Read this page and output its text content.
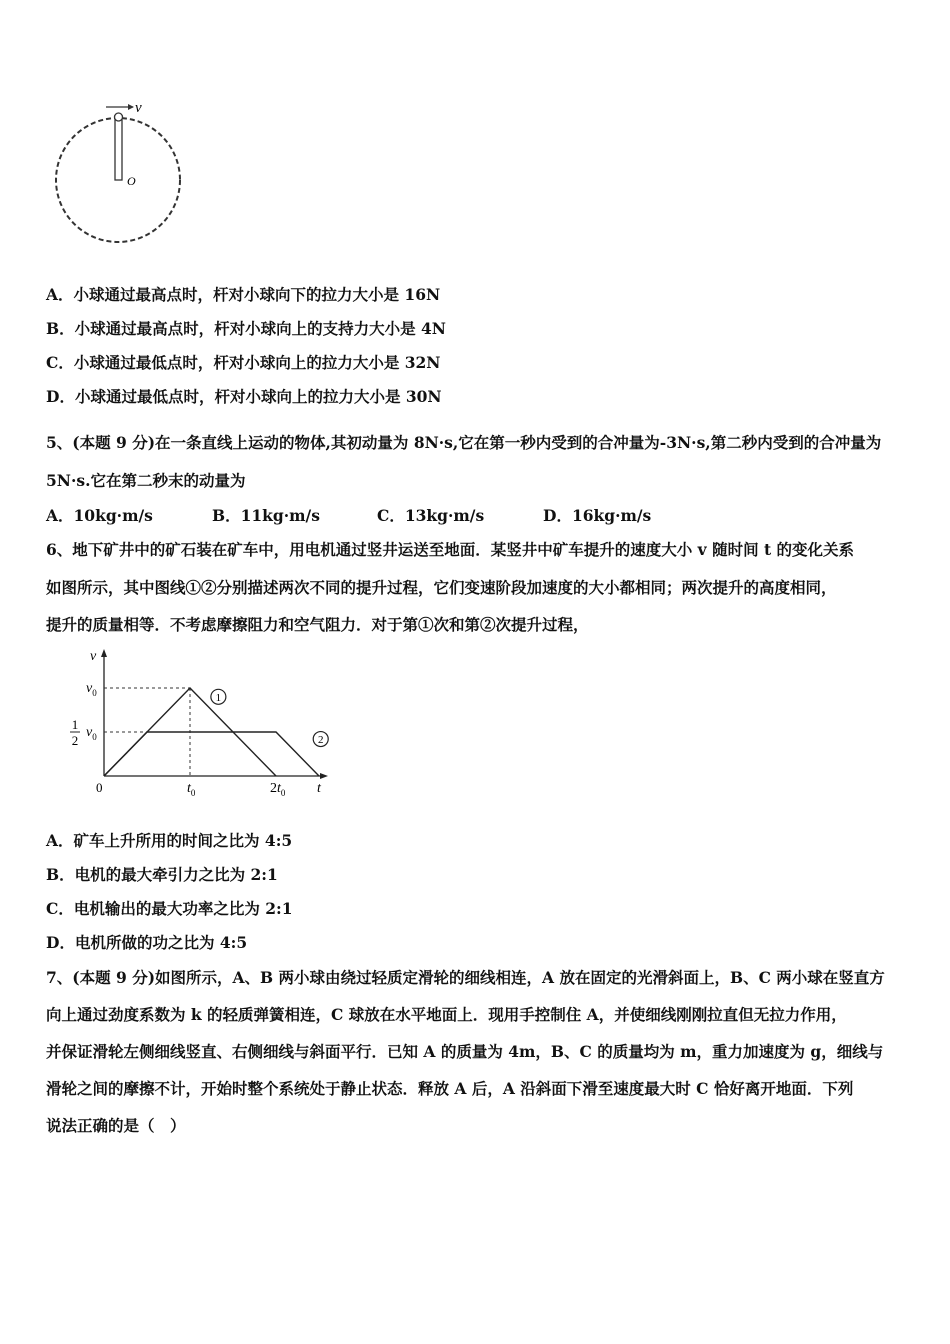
v
O
A．小球通过最高点时，杆对小球向下的拉力大小是 16N
B．小球通过最高点时，杆对小球向上的支持力大小是 4N
C．小球通过最低点时，杆对小球向上的拉力大小是 32N
D．小球通过最低点时，杆对小球向上的拉力大小是 30N
5、(本题 9 分)在一条直线上运动的物体,其初动量为 8N·s,它在第一秒内受到的合冲量为-3N·s,第二秒内受到的合冲量为
5N·s.它在第二秒末的动量为
A．10kg·m/s	B．11kg·m/s	C．13kg·m/s	D．16kg·m/s
6、地下矿井中的矿石装在矿车中，用电机通过竖井运送至地面．某竖井中矿车提升的速度大小 v 随时间 t 的变化关系
如图所示，其中图线①②分别描述两次不同的提升过程，它们变速阶段加速度的大小都相同；两次提升的高度相同，
提升的质量相等．不考虑摩擦阻力和空气阻力．对于第①次和第②次提升过程，
v
t
0
1
2
$t_0$	$2t_0$
$v_0$
1
2
$v_0$
A．矿车上升所用的时间之比为 4:5
B．电机的最大牵引力之比为 2:1
C．电机输出的最大功率之比为 2:1
D．电机所做的功之比为 4:5
7、(本题 9 分)如图所示，A、B 两小球由绕过轻质定滑轮的细线相连，A 放在固定的光滑斜面上，B、C 两小球在竖直方
向上通过劲度系数为 k 的轻质弹簧相连，C 球放在水平地面上．现用手控制住 A，并使细线刚刚拉直但无拉力作用，
并保证滑轮左侧细线竖直、右侧细线与斜面平行．已知 A 的质量为 4m，B、C 的质量均为 m，重力加速度为 g，细线与
滑轮之间的摩擦不计，开始时整个系统处于静止状态．释放 A 后，A 沿斜面下滑至速度最大时 C 恰好离开地面．下列
说法正确的是（　）
